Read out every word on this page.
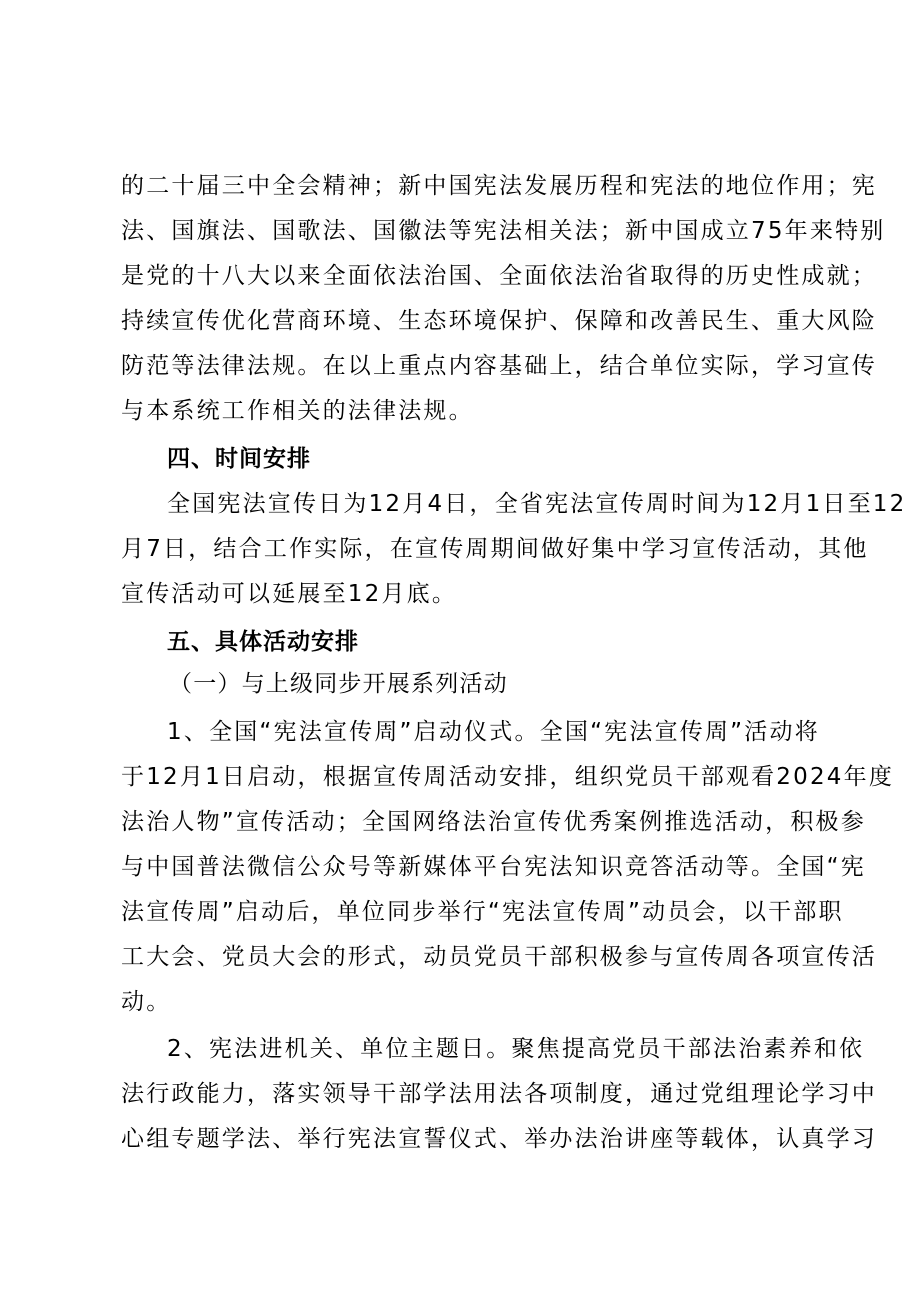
的二十届三中全会精神；新中国宪法发展历程和宪法的地位作用；宪
法、国旗法、国歌法、国徽法等宪法相关法；新中国成立75年来特别
是党的十八大以来全面依法治国、全面依法治省取得的历史性成就；
持续宣传优化营商环境、生态环境保护、保障和改善民生、重大风险
防范等法律法规。在以上重点内容基础上，结合单位实际，学习宣传
与本系统工作相关的法律法规。
四、时间安排
全国宪法宣传日为12月4日，全省宪法宣传周时间为12月1日至12
月7日，结合工作实际，在宣传周期间做好集中学习宣传活动，其他
宣传活动可以延展至12月底。
五、具体活动安排
（一）与上级同步开展系列活动
1、全国“宪法宣传周”启动仪式。全国“宪法宣传周”活动将
于12月1日启动，根据宣传周活动安排，组织党员干部观看2024年度
法治人物”宣传活动；全国网络法治宣传优秀案例推选活动，积极参
与中国普法微信公众号等新媒体平台宪法知识竞答活动等。全国“宪
法宣传周”启动后，单位同步举行“宪法宣传周”动员会，以干部职
工大会、党员大会的形式，动员党员干部积极参与宣传周各项宣传活
动。
2、宪法进机关、单位主题日。聚焦提高党员干部法治素养和依
法行政能力，落实领导干部学法用法各项制度，通过党组理论学习中
心组专题学法、举行宪法宣誓仪式、举办法治讲座等载体，认真学习
